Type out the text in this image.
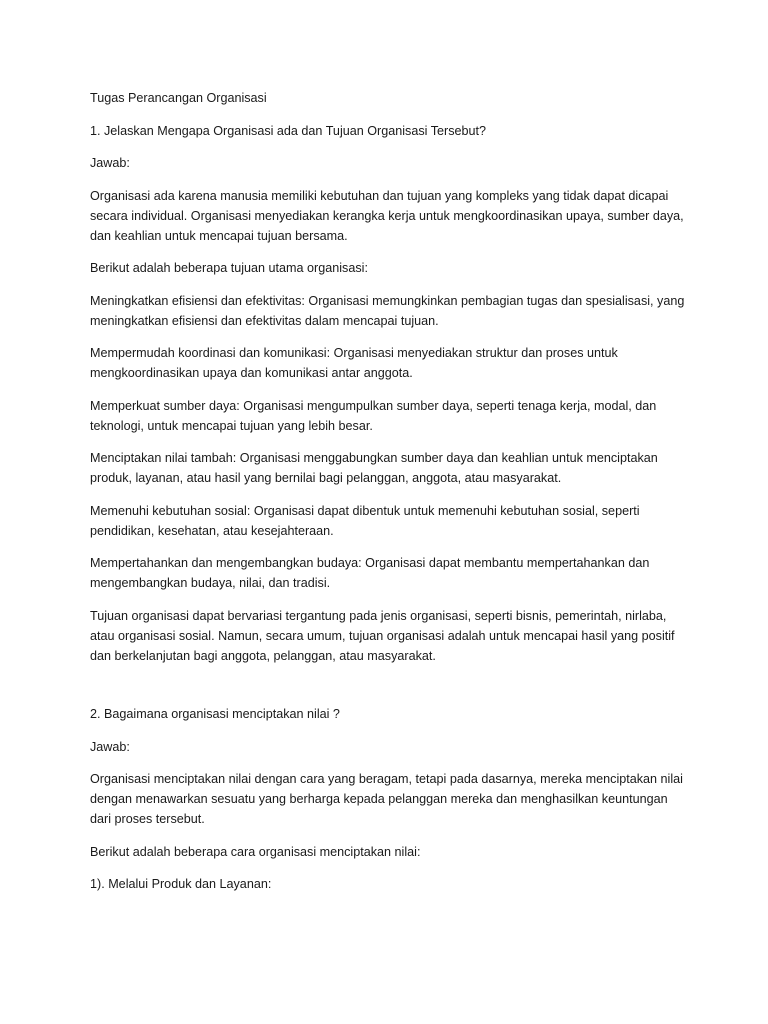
Tugas Perancangan Organisasi

1. Jelaskan Mengapa Organisasi ada dan Tujuan Organisasi Tersebut?

Jawab:

Organisasi ada karena manusia memiliki kebutuhan dan tujuan yang kompleks yang tidak dapat dicapai secara individual. Organisasi menyediakan kerangka kerja untuk mengkoordinasikan upaya, sumber daya, dan keahlian untuk mencapai tujuan bersama.

Berikut adalah beberapa tujuan utama organisasi:

Meningkatkan efisiensi dan efektivitas: Organisasi memungkinkan pembagian tugas dan spesialisasi, yang meningkatkan efisiensi dan efektivitas dalam mencapai tujuan.

Mempermudah koordinasi dan komunikasi: Organisasi menyediakan struktur dan proses untuk mengkoordinasikan upaya dan komunikasi antar anggota.

Memperkuat sumber daya: Organisasi mengumpulkan sumber daya, seperti tenaga kerja, modal, dan teknologi, untuk mencapai tujuan yang lebih besar.

Menciptakan nilai tambah: Organisasi menggabungkan sumber daya dan keahlian untuk menciptakan produk, layanan, atau hasil yang bernilai bagi pelanggan, anggota, atau masyarakat.

Memenuhi kebutuhan sosial: Organisasi dapat dibentuk untuk memenuhi kebutuhan sosial, seperti pendidikan, kesehatan, atau kesejahteraan.

Mempertahankan dan mengembangkan budaya: Organisasi dapat membantu mempertahankan dan mengembangkan budaya, nilai, dan tradisi.

Tujuan organisasi dapat bervariasi tergantung pada jenis organisasi, seperti bisnis, pemerintah, nirlaba, atau organisasi sosial. Namun, secara umum, tujuan organisasi adalah untuk mencapai hasil yang positif dan berkelanjutan bagi anggota, pelanggan, atau masyarakat.

2. Bagaimana organisasi menciptakan nilai ?

Jawab:

Organisasi menciptakan nilai dengan cara yang beragam, tetapi pada dasarnya, mereka menciptakan nilai dengan menawarkan sesuatu yang berharga kepada pelanggan mereka dan menghasilkan keuntungan dari proses tersebut.

Berikut adalah beberapa cara organisasi menciptakan nilai:

1). Melalui Produk dan Layanan:
